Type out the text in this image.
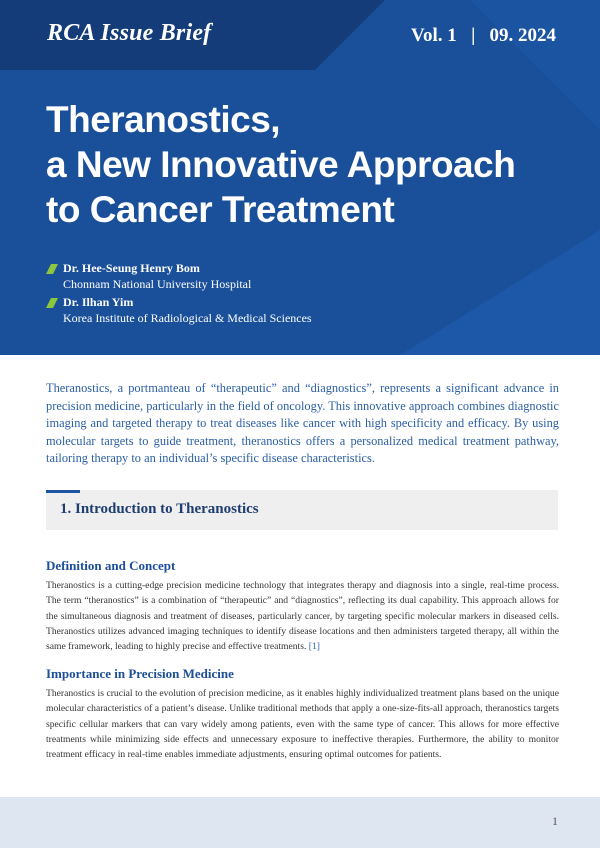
RCA Issue Brief	Vol. 1 | 09. 2024
Theranostics,
a New Innovative Approach
to Cancer Treatment
Dr. Hee-Seung Henry Bom
Chonnam National University Hospital
Dr. Ilhan Yim
Korea Institute of Radiological & Medical Sciences

Theranostics, a portmanteau of “therapeutic” and “diagnostics”, represents a significant advance in precision medicine, particularly in the field of oncology. This innovative approach combines diagnostic imaging and targeted therapy to treat diseases like cancer with high specificity and efficacy. By using molecular targets to guide treatment, theranostics offers a personalized medical treatment pathway, tailoring therapy to an individual’s specific disease characteristics.

1. Introduction to Theranostics
Definition and Concept

Theranostics is a cutting-edge precision medicine technology that integrates therapy and diagnosis into a single, real-time process. The term “theranostics” is a combination of “therapeutic” and “diagnostics”, reflecting its dual capability. This approach allows for the simultaneous diagnosis and treatment of diseases, particularly cancer, by targeting specific molecular markers in diseased cells. Theranostics utilizes advanced imaging techniques to identify disease locations and then administers targeted therapy, all within the same framework, leading to highly precise and effective treatments. [1]

Importance in Precision Medicine

Theranostics is crucial to the evolution of precision medicine, as it enables highly individualized treatment plans based on the unique molecular characteristics of a patient’s disease. Unlike traditional methods that apply a one-size-fits-all approach, theranostics targets specific cellular markers that can vary widely among patients, even with the same type of cancer. This allows for more effective treatments while minimizing side effects and unnecessary exposure to ineffective therapies. Furthermore, the ability to monitor treatment efficacy in real-time enables immediate adjustments, ensuring optimal outcomes for patients.

1
